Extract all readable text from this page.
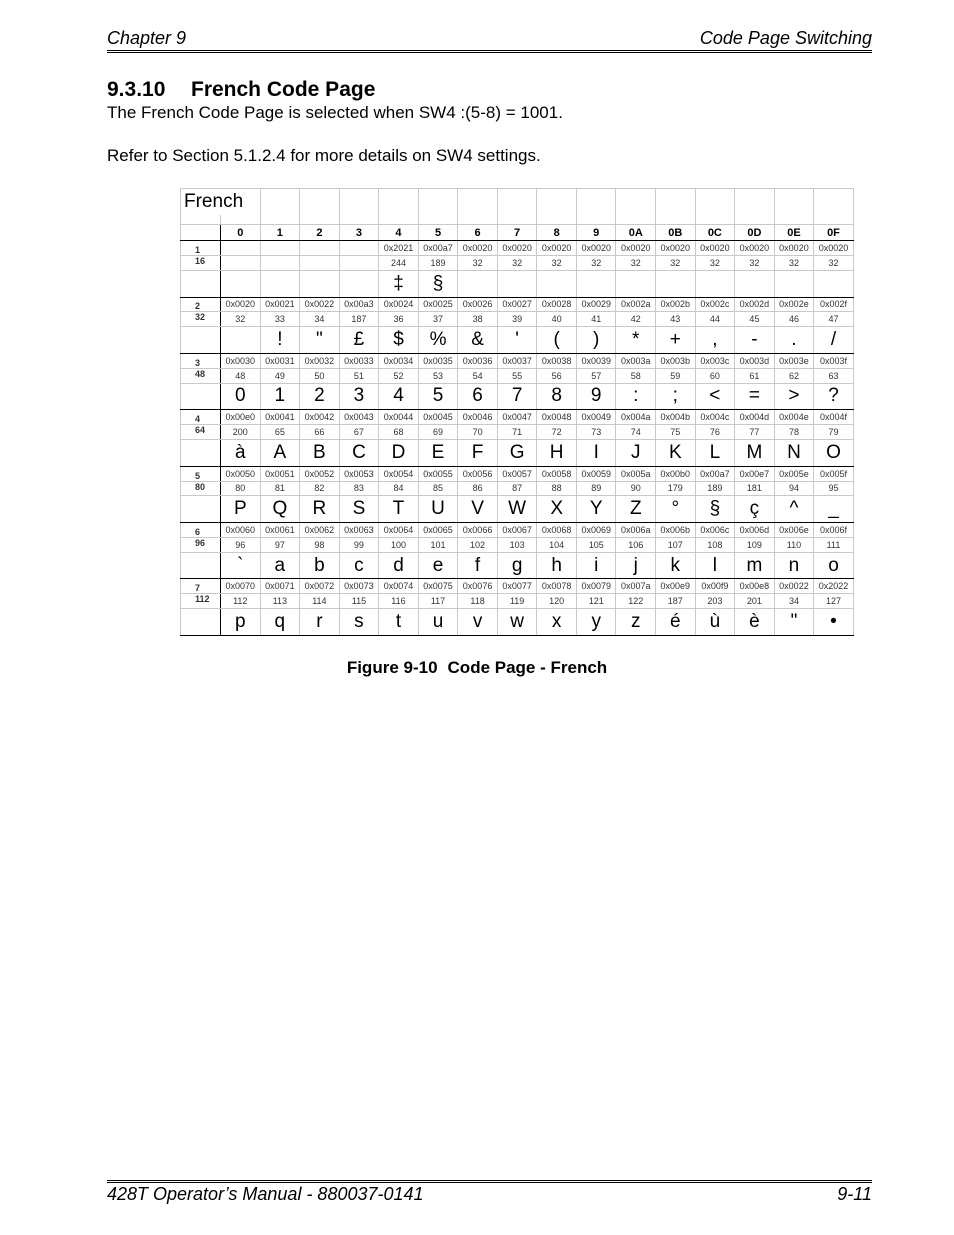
Chapter 9	Code Page Switching
9.3.10 French Code Page
The French Code Page is selected when SW4 :(5-8) = 1001.
Refer to Section 5.1.2.4 for more details on SW4 settings.
French																

	0	1	2	3	4	5	6	7	8	9	0A	0B	0C	0D	0E	0F
1					0x2021	0x00a7	0x0020	0x0020	0x0020	0x0020	0x0020	0x0020	0x0020	0x0020	0x0020	0x0020
16					244	189	32	32	32	32	32	32	32	32	32	32
					‡	§										
2	0x0020	0x0021	0x0022	0x00a3	0x0024	0x0025	0x0026	0x0027	0x0028	0x0029	0x002a	0x002b	0x002c	0x002d	0x002e	0x002f
32	32	33	34	187	36	37	38	39	40	41	42	43	44	45	46	47
		!	"	£	$	%	&	'	(	)	*	+	,	-	.	/
3	0x0030	0x0031	0x0032	0x0033	0x0034	0x0035	0x0036	0x0037	0x0038	0x0039	0x003a	0x003b	0x003c	0x003d	0x003e	0x003f
48	48	49	50	51	52	53	54	55	56	57	58	59	60	61	62	63
	0	1	2	3	4	5	6	7	8	9	:	;	<	=	>	?
4	0x00e0	0x0041	0x0042	0x0043	0x0044	0x0045	0x0046	0x0047	0x0048	0x0049	0x004a	0x004b	0x004c	0x004d	0x004e	0x004f
64	200	65	66	67	68	69	70	71	72	73	74	75	76	77	78	79
	à	A	B	C	D	E	F	G	H	I	J	K	L	M	N	O
5	0x0050	0x0051	0x0052	0x0053	0x0054	0x0055	0x0056	0x0057	0x0058	0x0059	0x005a	0x00b0	0x00a7	0x00e7	0x005e	0x005f
80	80	81	82	83	84	85	86	87	88	89	90	179	189	181	94	95
	P	Q	R	S	T	U	V	W	X	Y	Z	°	§	ç	^	_
6	0x0060	0x0061	0x0062	0x0063	0x0064	0x0065	0x0066	0x0067	0x0068	0x0069	0x006a	0x006b	0x006c	0x006d	0x006e	0x006f
96	96	97	98	99	100	101	102	103	104	105	106	107	108	109	110	111
	`	a	b	c	d	e	f	g	h	i	j	k	l	m	n	o
7	0x0070	0x0071	0x0072	0x0073	0x0074	0x0075	0x0076	0x0077	0x0078	0x0079	0x007a	0x00e9	0x00f9	0x00e8	0x0022	0x2022
112	112	113	114	115	116	117	118	119	120	121	122	187	203	201	34	127
	p	q	r	s	t	u	v	w	x	y	z	é	ù	è	"	•
Figure 9-10 Code Page - French
428T Operator’s Manual - 880037-0141	9-11
